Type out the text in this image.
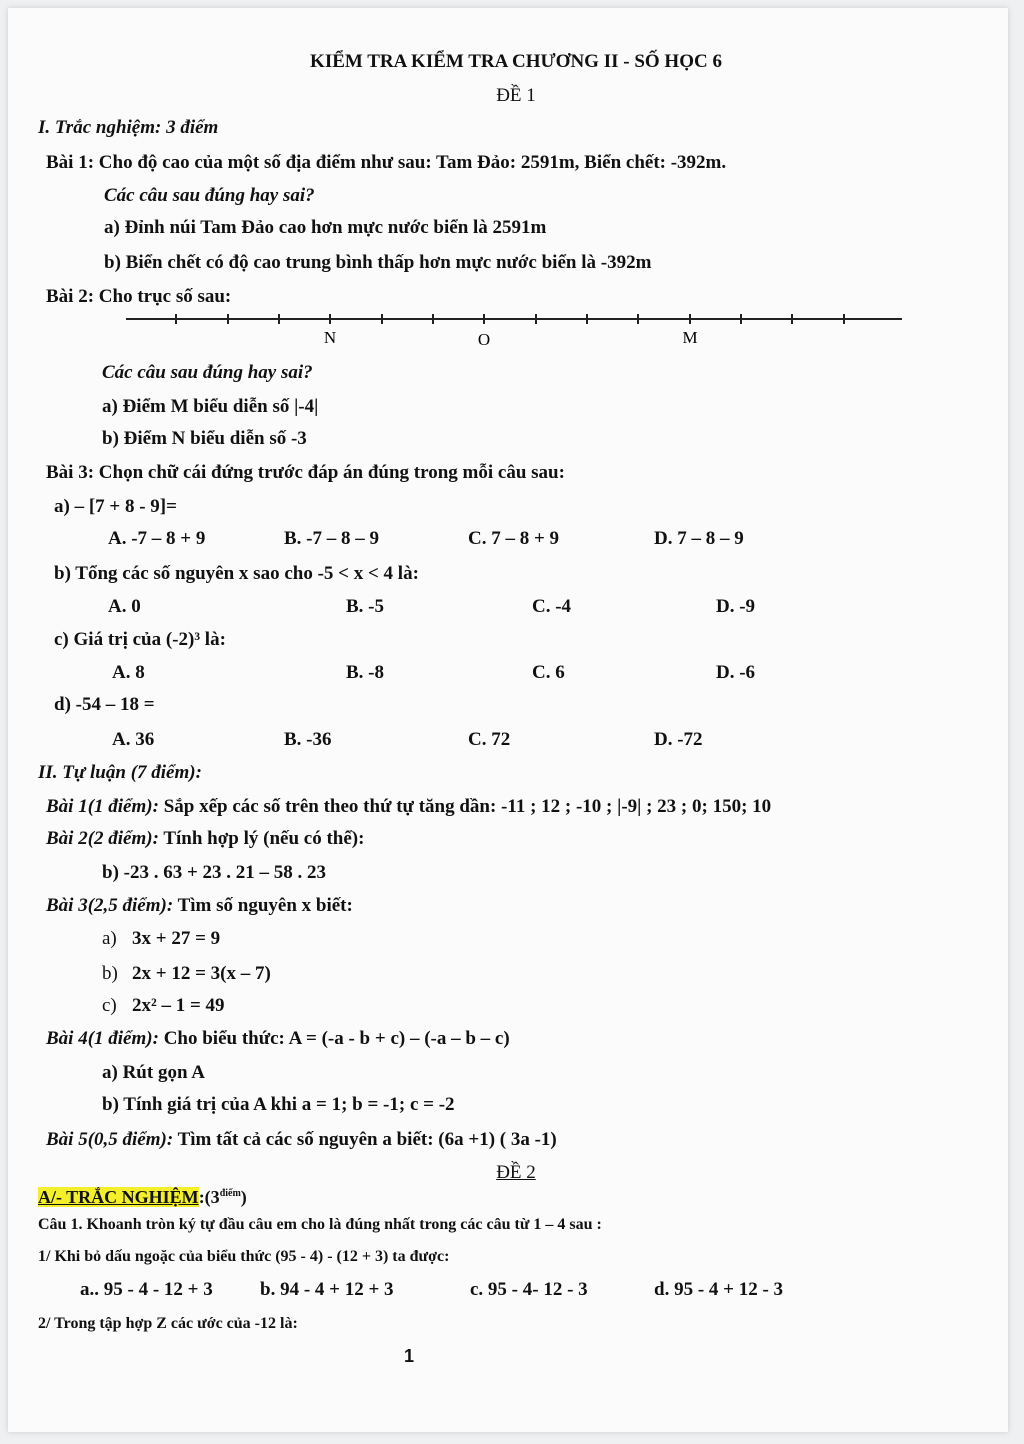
KIỂM TRA KIỂM TRA CHƯƠNG II - SỐ HỌC 6
ĐỀ 1
I. Trắc nghiệm: 3 điểm
Bài 1: Cho độ cao của một số địa điểm như sau: Tam Đảo: 2591m, Biển chết: -392m.
Các câu sau đúng hay sai?
a) Đỉnh núi Tam Đảo cao hơn mực nước biển là 2591m
b) Biển chết có độ cao trung bình thấp hơn mực nước biển là -392m
Bài 2: Cho trục số sau:
N	O	M
Các câu sau đúng hay sai?
a) Điểm M biểu diễn số |-4|
b) Điểm N biểu diễn số -3
Bài 3: Chọn chữ cái đứng trước đáp án đúng trong mỗi câu sau:
a) – [7 + 8 - 9]=
A. -7 – 8 + 9	B. -7 – 8 – 9	C. 7 – 8 + 9	D. 7 – 8 – 9
b) Tổng các số nguyên x sao cho -5 < x < 4 là:
A. 0	B. -5	C. -4	D. -9
c) Giá trị của (-2)³ là:
A. 8	B. -8	C. 6	D. -6
d) -54 – 18 =
A. 36	B. -36	C. 72	D. -72
II. Tự luận (7 điểm):
Bài 1(1 điểm): Sắp xếp các số trên theo thứ tự tăng dần: -11 ; 12 ; -10 ; |-9| ; 23 ; 0; 150; 10
Bài 2(2 điểm): Tính hợp lý (nếu có thể):
b) -23 . 63 + 23 . 21 – 58 . 23
Bài 3(2,5 điểm): Tìm số nguyên x biết:
a) 3x + 27 = 9
b) 2x + 12 = 3(x – 7)
c) 2x² – 1 = 49
Bài 4(1 điểm): Cho biểu thức: A = (-a - b + c) – (-a – b – c)
a) Rút gọn A
b) Tính giá trị của A khi a = 1; b = -1; c = -2
Bài 5(0,5 điểm): Tìm tất cả các số nguyên a biết: (6a +1) ( 3a -1)
ĐỀ 2
A/- TRẮC $NGHIỆM:(3^{điểm})$
Câu 1. Khoanh tròn ký tự đầu câu em cho là đúng nhất trong các câu từ 1 – 4 sau :
1/ Khi bỏ dấu ngoặc của biểu thức (95 - 4) - (12 + 3) ta được:
a.. 95 - 4 - 12 + 3 b. 94 - 4 + 12 + 3	c. 95 - 4- 12 - 3	d. 95 - 4 + 12 - 3
2/ Trong tập hợp Z các ước của -12 là:
1
